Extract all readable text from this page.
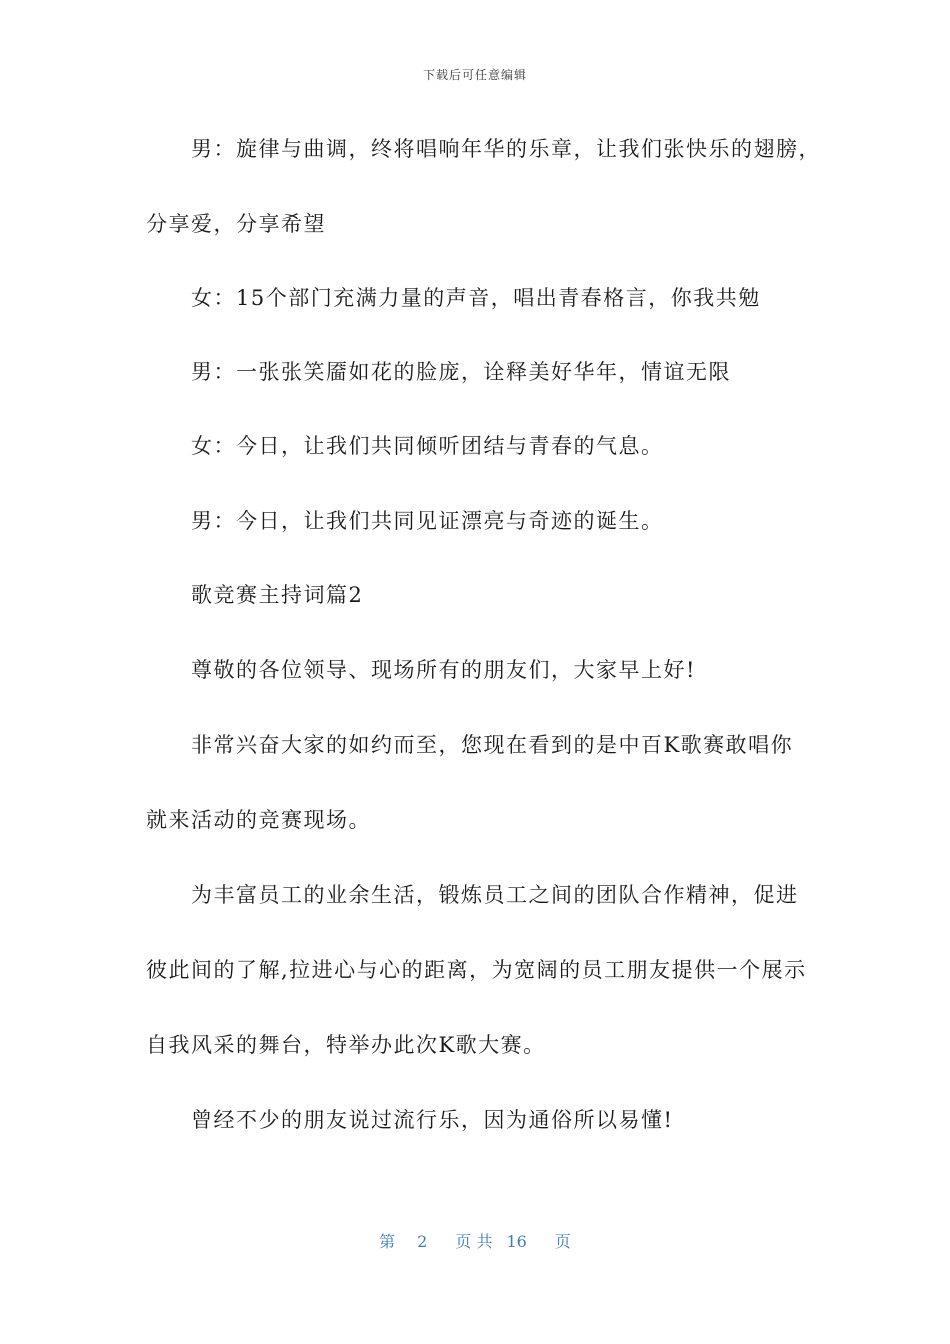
下载后可任意编辑
男：旋律与曲调，终将唱响年华的乐章，让我们张快乐的翅膀，
分享爱，分享希望
女：15个部门充满力量的声音，唱出青春格言，你我共勉
男：一张张笑靥如花的脸庞，诠释美好华年，情谊无限
女：今日，让我们共同倾听团结与青春的气息。
男：今日，让我们共同见证漂亮与奇迹的诞生。
歌竞赛主持词篇2
尊敬的各位领导、现场所有的朋友们，大家早上好!
非常兴奋大家的如约而至，您现在看到的是中百K歌赛敢唱你
就来活动的竞赛现场。
为丰富员工的业余生活，锻炼员工之间的团队合作精神，促进
彼此间的了解,拉进心与心的距离，为宽阔的员工朋友提供一个展示
自我风采的舞台，特举办此次K歌大赛。
曾经不少的朋友说过流行乐，因为通俗所以易懂!
第 2 页 共 16 页
